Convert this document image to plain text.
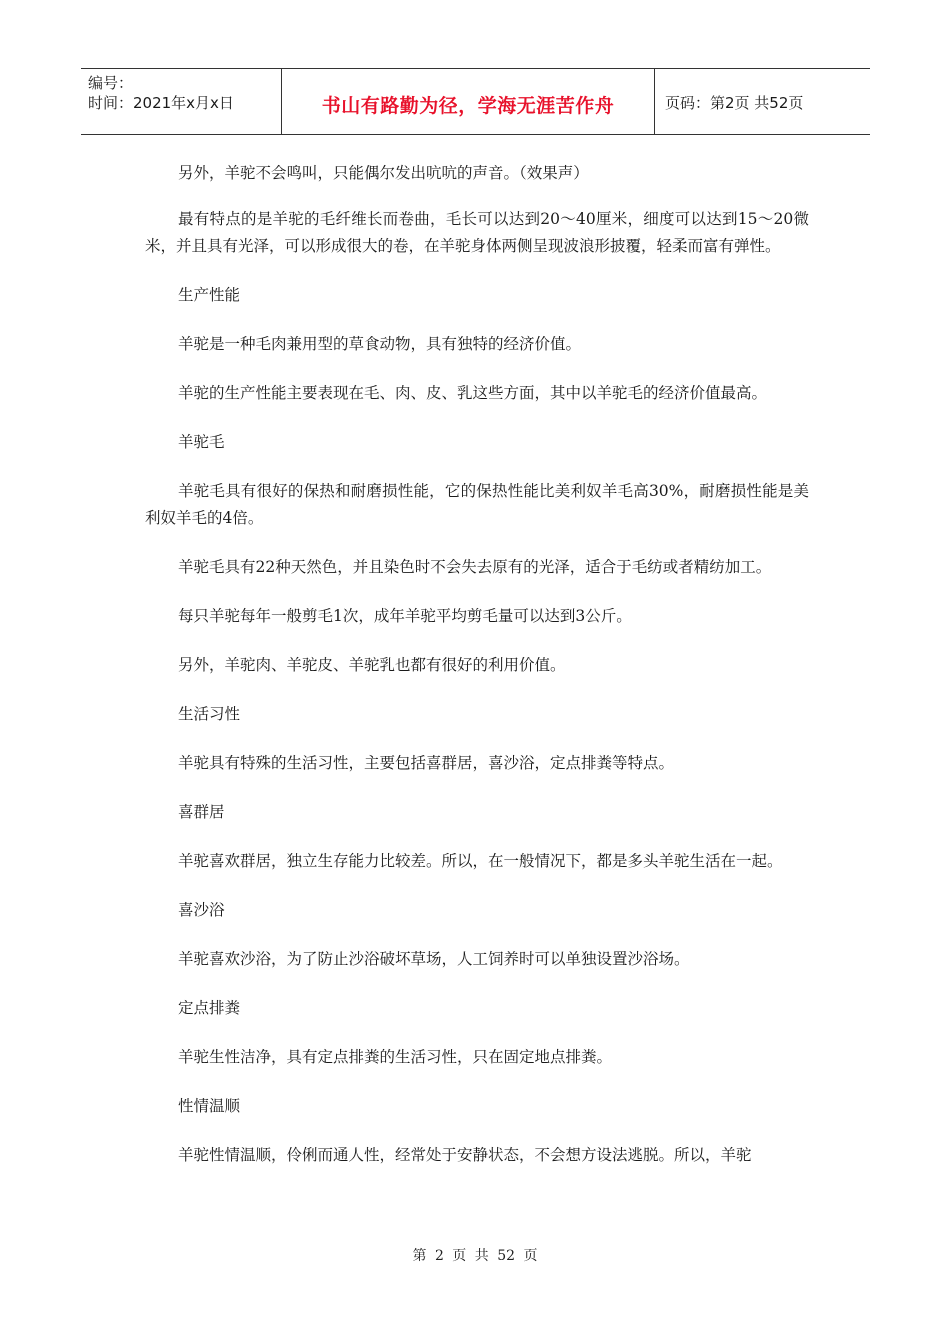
编号：
时间：2021年x月x日	书山有路勤为径，学海无涯苦作舟	页码：第2页 共52页

另外，羊驼不会鸣叫，只能偶尔发出吭吭的声音。（效果声）

最有特点的是羊驼的毛纤维长而卷曲，毛长可以达到20～40厘米，细度可以达到15～20微米，并且具有光泽，可以形成很大的卷，在羊驼身体两侧呈现波浪形披覆，轻柔而富有弹性。

生产性能

羊驼是一种毛肉兼用型的草食动物，具有独特的经济价值。

羊驼的生产性能主要表现在毛、肉、皮、乳这些方面，其中以羊驼毛的经济价值最高。

羊驼毛

羊驼毛具有很好的保热和耐磨损性能，它的保热性能比美利奴羊毛高30%，耐磨损性能是美利奴羊毛的4倍。

羊驼毛具有22种天然色，并且染色时不会失去原有的光泽，适合于毛纺或者精纺加工。

每只羊驼每年一般剪毛1次，成年羊驼平均剪毛量可以达到3公斤。

另外，羊驼肉、羊驼皮、羊驼乳也都有很好的利用价值。

生活习性

羊驼具有特殊的生活习性，主要包括喜群居，喜沙浴，定点排粪等特点。

喜群居

羊驼喜欢群居，独立生存能力比较差。所以，在一般情况下，都是多头羊驼生活在一起。

喜沙浴

羊驼喜欢沙浴，为了防止沙浴破坏草场，人工饲养时可以单独设置沙浴场。

定点排粪

羊驼生性洁净，具有定点排粪的生活习性，只在固定地点排粪。

性情温顺

羊驼性情温顺，伶俐而通人性，经常处于安静状态，不会想方设法逃脱。所以，羊驼

第 2 页 共 52 页
